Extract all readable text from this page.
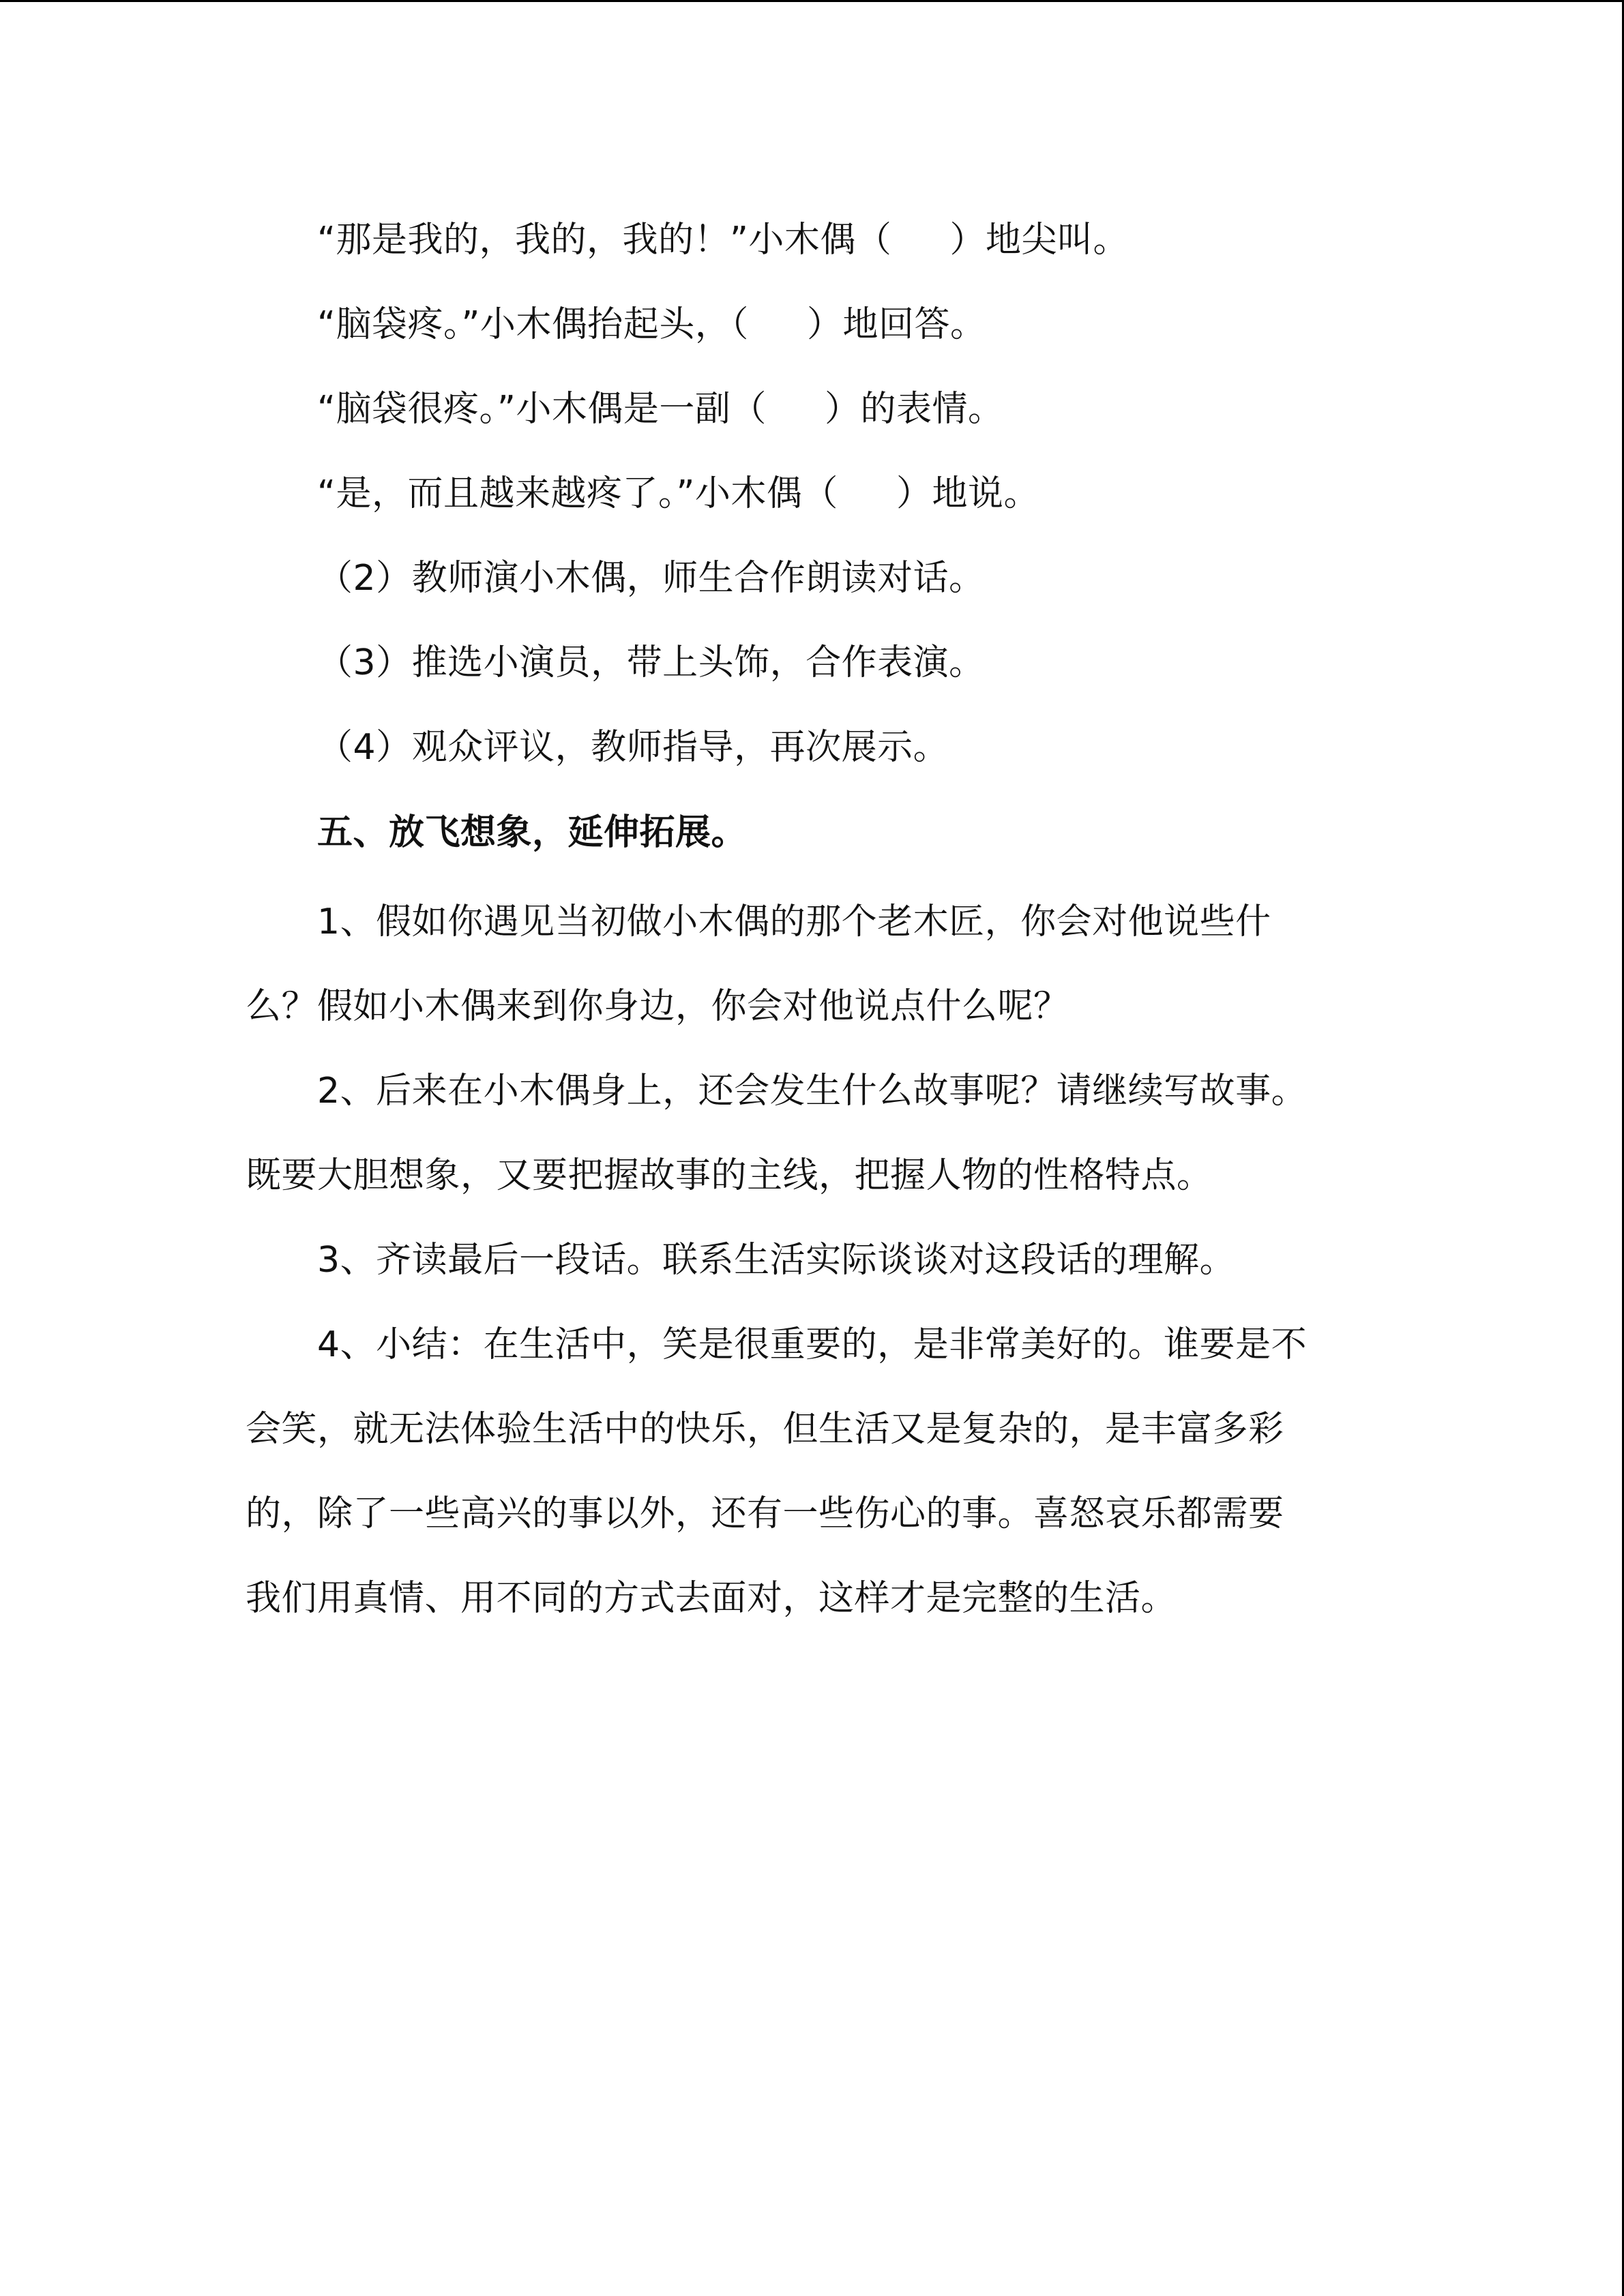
“那是我的，我的，我的！”小木偶（     ）地尖叫。
“脑袋疼。”小木偶抬起头，（     ）地回答。
“脑袋很疼。”小木偶是一副（     ）的表情。
“是，而且越来越疼了。”小木偶（     ）地说。
（2）教师演小木偶，师生合作朗读对话。
（3）推选小演员，带上头饰，合作表演。
（4）观众评议，教师指导，再次展示。
五、放飞想象，延伸拓展。
1、假如你遇见当初做小木偶的那个老木匠，你会对他说些什
么？假如小木偶来到你身边，你会对他说点什么呢？
2、后来在小木偶身上，还会发生什么故事呢？请继续写故事。
既要大胆想象，又要把握故事的主线，把握人物的性格特点。
3、齐读最后一段话。联系生活实际谈谈对这段话的理解。
4、小结：在生活中，笑是很重要的，是非常美好的。谁要是不
会笑，就无法体验生活中的快乐，但生活又是复杂的，是丰富多彩
的，除了一些高兴的事以外，还有一些伤心的事。喜怒哀乐都需要
我们用真情、用不同的方式去面对，这样才是完整的生活。
